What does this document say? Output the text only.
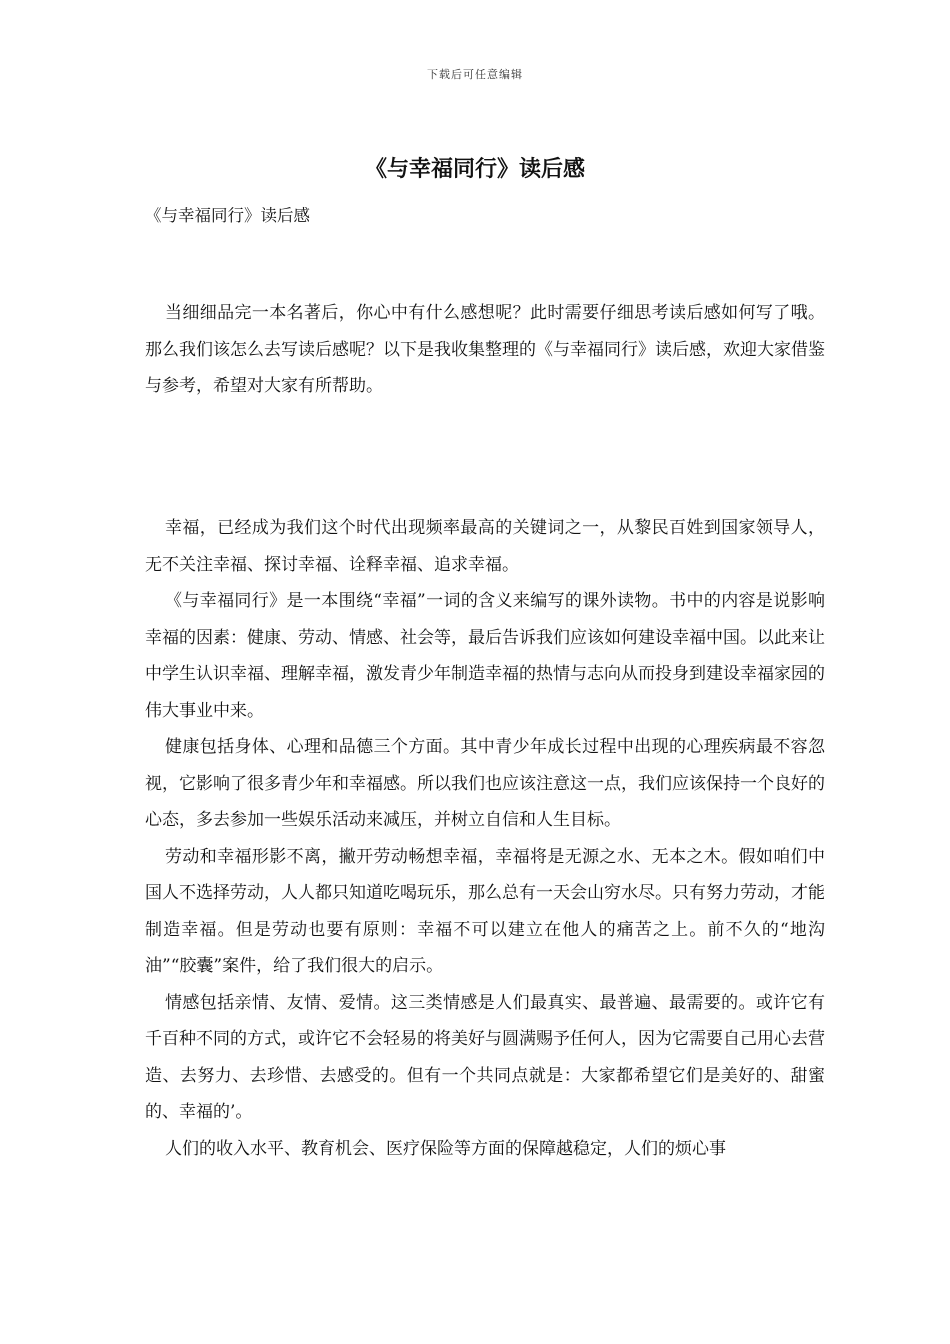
下载后可任意编辑
《与幸福同行》读后感
《与幸福同行》读后感

当细细品完一本名著后，你心中有什么感想呢？此时需要仔细思考读后感如何写了哦。那么我们该怎么去写读后感呢？以下是我收集整理的《与幸福同行》读后感，欢迎大家借鉴与参考，希望对大家有所帮助。

幸福，已经成为我们这个时代出现频率最高的关键词之一，从黎民百姓到国家领导人，无不关注幸福、探讨幸福、诠释幸福、追求幸福。

《与幸福同行》是一本围绕“幸福”一词的含义来编写的课外读物。书中的内容是说影响幸福的因素：健康、劳动、情感、社会等，最后告诉我们应该如何建设幸福中国。以此来让中学生认识幸福、理解幸福，激发青少年制造幸福的热情与志向从而投身到建设幸福家园的伟大事业中来。

健康包括身体、心理和品德三个方面。其中青少年成长过程中出现的心理疾病最不容忽视，它影响了很多青少年和幸福感。所以我们也应该注意这一点，我们应该保持一个良好的心态，多去参加一些娱乐活动来减压，并树立自信和人生目标。

劳动和幸福形影不离，撇开劳动畅想幸福，幸福将是无源之水、无本之木。假如咱们中国人不选择劳动，人人都只知道吃喝玩乐，那么总有一天会山穷水尽。只有努力劳动，才能制造幸福。但是劳动也要有原则：幸福不可以建立在他人的痛苦之上。前不久的“地沟油”“胶囊”案件，给了我们很大的启示。

情感包括亲情、友情、爱情。这三类情感是人们最真实、最普遍、最需要的。或许它有千百种不同的方式，或许它不会轻易的将美好与圆满赐予任何人，因为它需要自己用心去营造、去努力、去珍惜、去感受的。但有一个共同点就是：大家都希望它们是美好的、甜蜜的、幸福的’。

人们的收入水平、教育机会、医疗保险等方面的保障越稳定，人们的烦心事
